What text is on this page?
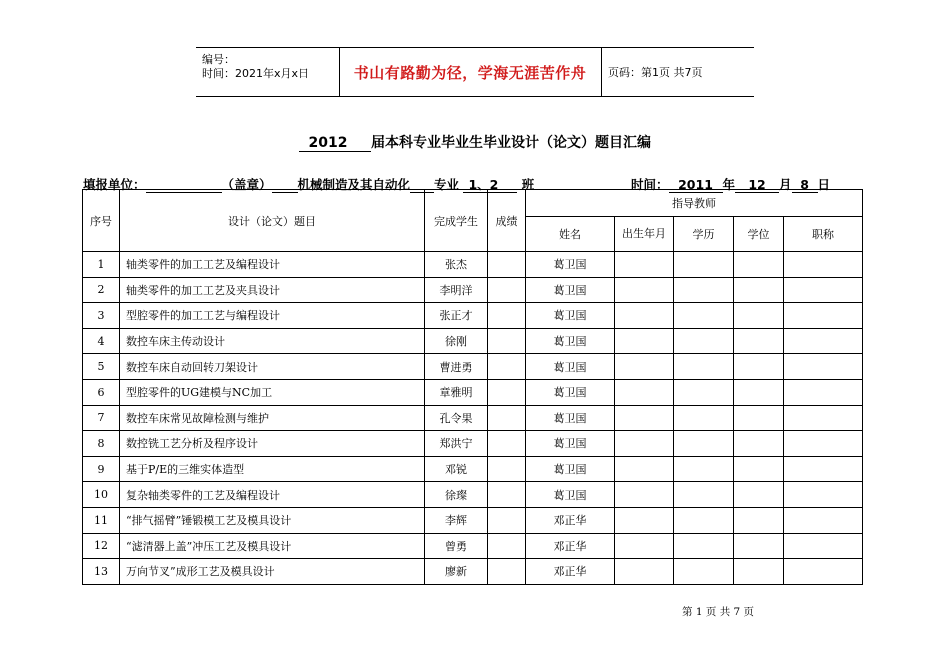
编号：
时间：2021年x月x日	书山有路勤为径，学海无涯苦作舟	页码：第1页 共7页
2012 届本科专业毕业生毕业设计（论文）题目汇编
填报单位：	（盖章） 机械制造及其自动化 专业 1、2 班	时间： 2011 年 12 月 8 日
序号	设计（论文）题目	完成学生	成绩	指导教师				
				姓名	出生年月	学历	学位	职称
1	轴类零件的加工工艺及编程设计	张杰		葛卫国				
2	轴类零件的加工工艺及夹具设计	李明洋		葛卫国				
3	型腔零件的加工工艺与编程设计	张正才		葛卫国				
4	数控车床主传动设计	徐刚		葛卫国				
5	数控车床自动回转刀架设计	曹进勇		葛卫国				
6	型腔零件的UG建模与NC加工	章雅明		葛卫国				
7	数控车床常见故障检测与维护	孔令果		葛卫国				
8	数控铣工艺分析及程序设计	郑洪宁		葛卫国				
9	基于P/E的三维实体造型	邓锐		葛卫国				
10	复杂轴类零件的工艺及编程设计	徐璨		葛卫国				
11	“排气摇臂”锤锻模工艺及模具设计	李辉		邓正华				
12	“滤清器上盖”冲压工艺及模具设计	曾勇		邓正华				
13	万向节叉”成形工艺及模具设计	廖新		邓正华				
第 1 页 共 7 页
